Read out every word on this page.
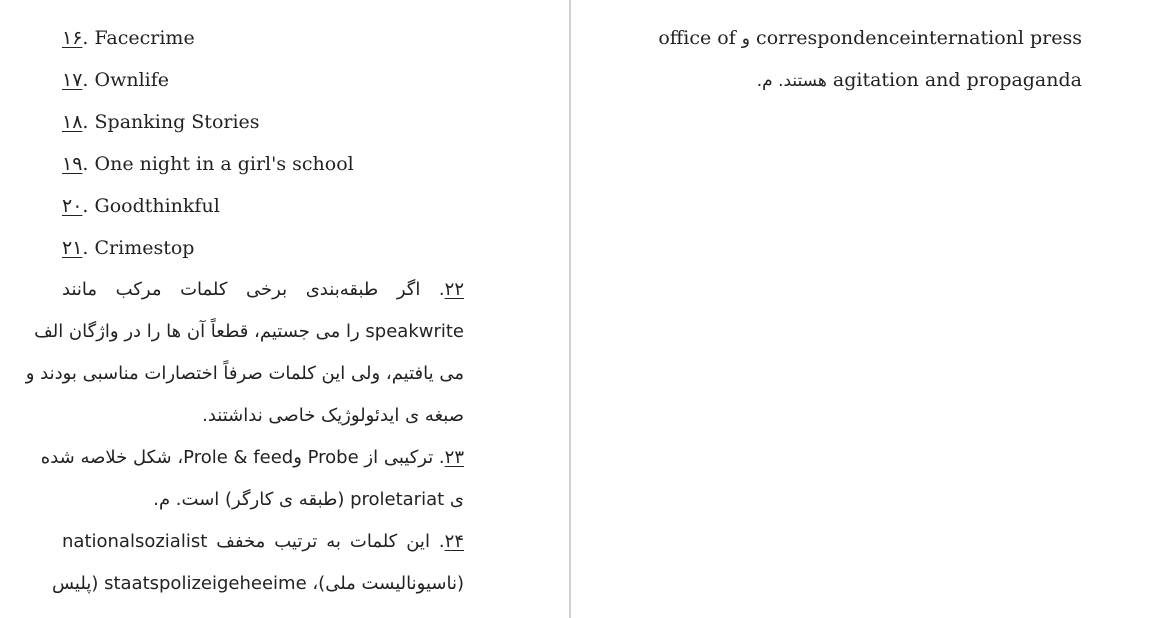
۱۶. Facecrime
۱۷. Ownlife
۱۸. Spanking Stories
۱۹. One night in a girl's school
۲۰. Goodthinkful
۲۱. Crimestop
۲۲.
اگر
طبقه‌بندی
برخی
کلمات
مرکب
مانند
speakwrite را می جستیم، قطعاً آن ها را در واژگان الف
می یافتیم، ولی این کلمات صرفاً اختصارات مناسبی بودند و
صبغه ی ایدئولوژیک خاصی نداشتند.
۲۳. ترکیبی از Probe وProle & feed، شکل خلاصه شده
ی proletariat (طبقه ی کارگر) است. م.
۲۴.
این
کلمات
به
ترتیب
مخفف
nationalsozialist
(ناسیونالیست ملی)، staatspolizeigeheeime (پلیس
office of و correspondenceinternationl press
agitation and propaganda هستند. م.
